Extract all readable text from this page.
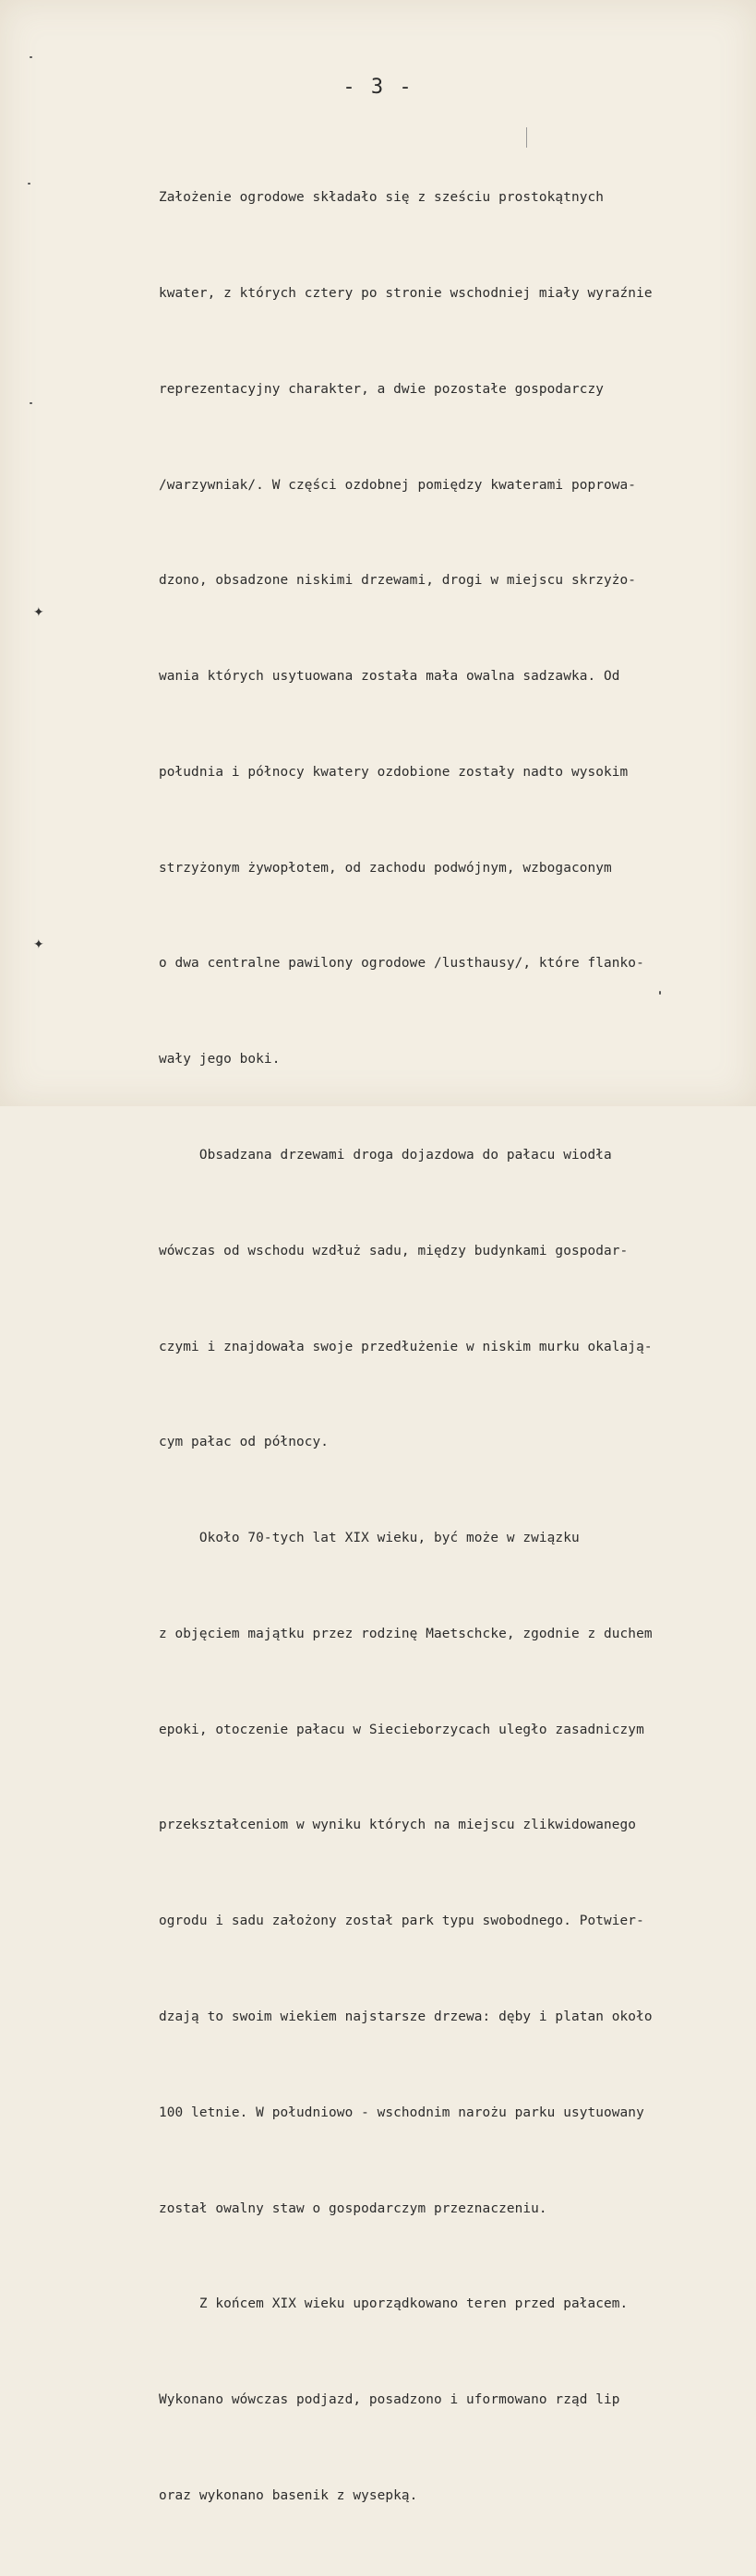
- 3 -

Założenie ogrodowe składało się z sześciu prostokątnych

kwater, z których cztery po stronie wschodniej miały wyraźnie

reprezentacyjny charakter, a dwie pozostałe gospodarczy

/warzywniak/. W części ozdobnej pomiędzy kwaterami poprowa-

dzono, obsadzone niskimi drzewami, drogi w miejscu skrzyżo-

wania których usytuowana została mała owalna sadzawka. Od

południa i północy kwatery ozdobione zostały nadto wysokim

strzyżonym żywopłotem, od zachodu podwójnym, wzbogaconym

o dwa centralne pawilony ogrodowe /lusthausy/, które flanko-

wały jego boki.

Obsadzana drzewami droga dojazdowa do pałacu wiodła

wówczas od wschodu wzdłuż sadu, między budynkami gospodar-

czymi i znajdowała swoje przedłużenie w niskim murku okalają-

cym pałac od północy.

Około 70-tych lat XIX wieku, być może w związku

z objęciem majątku przez rodzinę Maetschcke, zgodnie z duchem

epoki, otoczenie pałacu w Siecieborzycach uległo zasadniczym

przekształceniom w wyniku których na miejscu zlikwidowanego

ogrodu i sadu założony został park typu swobodnego. Potwier-

dzają to swoim wiekiem najstarsze drzewa: dęby i platan około

100 letnie. W południowo - wschodnim narożu parku usytuowany

został owalny staw o gospodarczym przeznaczeniu.

Z końcem XIX wieku uporządkowano teren przed pałacem.

Wykonano wówczas podjazd, posadzono i uformowano rząd lip

oraz wykonano basenik z wysepką.

✦
✦
